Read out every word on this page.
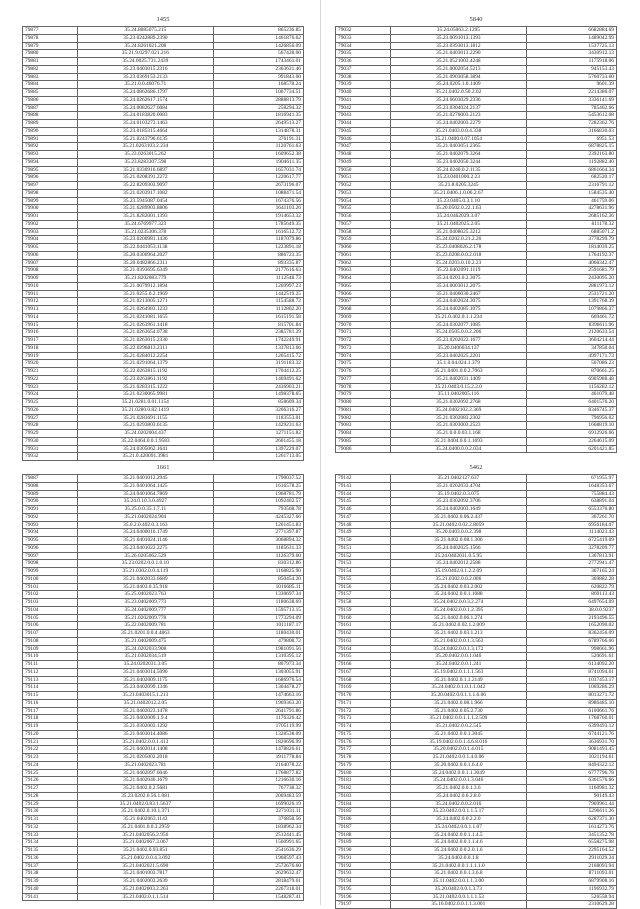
1455
79877	35.24.8085075.215	865236.85
79878	35.23.0242889.2390	1461876.62
79879	35.24.8261021.208	1426856.09
79880	35.21.9.0297.021.216	567428.00
79881	35.24.0025.731.2439	1743461.01
79882	35.23.0403015.2316	2363631.46
79883	35.23.0369153.2133	991843.00
79884	35.21.0.0.46076.71	168578.24
79885	35.24.0862686.1797	1067734.51
79886	35.24.0262617.1574	2888813.79
79887	35.24.0082627.6084	258294.32
79888	35.24.0183820.0083	1816941.35
79889	35.24.0103273.1463	2649513.27
79890	35.23.0185315.4664	1314878.31
79891	35.21.0243796.6135	376191.31
79892	35.21.0263103.2.234	1120761.63
79893	35.23.0263015.262	1609652.38
79894	35.23.8283307.598	1904611.35
79895	35.21.0330916.6897	1657031.74
79896	35.21.0208391.2272	1220617.77
79897	35.22.8209303.9097	2673196.07
79898	35.21.0203917.1082	1088471.54
79899	35.23.5945087.0454	1674376.56
79900	35.21.6289903.8806	1641103.26
79901	35.21.8282001.1393	1914653.32
79902	35.24.6769977.323	1785649.35
79903	35.21.0235306.378	1616512.72
79904	35.23.0200981.1436	1187079.86
79905	35.22.0441053.1138	1223891.18
79906	35.20.0300964.2027	886723.35
79907	35.20.0482866.2311	893335.87
79908	35.21.0393695.6349	2177616.63
79909	35.21.8202083.779	1112548.73
79910	35.21.0079912.1894	1269997.23
79911	35.21.0255.0.2.1969	1442519.25
79912	35.21.0213005.1271	1154588.72
79913	35.21.0264983.1233	1112802.20
79914	35.21.0241081.1655	1615191.58
79915	35.21.0263961.1418	815701.84
79916	35.21.0263654.0738	2385781.29
79917	35.21.0263015.2330	1742249.91
79918	35.22.0296813.2311	1337813.66
79919	35.21.0284012.2254	1265415.72
79920	35.21.0291064.1379	3191183.32
79921	35.22.0263815.1192	1704412.25
79922	35.23.0263861.1192	1469491.62
79923	35.21.0283315.1222	2436903.21
79924	35.21.0230065.9981	1498378.65
79925	35.21.0281.0.01.1154	858609.34
79926	35.21.0280.0.82.1419	3266316.27
79927	35.21.0283691.1155	1183553.01
79928	35.21.0293803.6135	1429231.63
79929	35.24.0202004.437	1271151.82
79930	35.22.0464.0.0.1.9583	2601455.18
79931	35.24.0305062.1641	1397229.07
79932	35.21.0.420091.3981	1261713.05
5840
79032	35.24.05063.2.1295	6682884.69
79033	35.23.0091013.1393	1489042.99
79034	35.23.0393013.1812	1537725.13
79035	35.21.0403013.2290	3430912.13
79036	35.21.0521003.4248	1175918.06
79037	35.21.0002054.5213	945153.43
79038	35.21.0903058.3894	5760733.60
79039	35.24.0205.1.0.1409	9601.39
79040	35.21.0402.0.50.2.02	2214380.07
79041	35.24.6603029.2336	3336141.69
79042	35.23.0304024.2137	785402.66
79043	35.21.0276003.2123	5453612.08
79044	35.24.0402003.2279	7282362.76
79045	35.21.0403.0.0.4.338	3166830.03
79046	35.21.0400.0.07.1054	6951.53
79047	35.21.0403051.2365	6878825.15
79048	35.21.0402079.3264	2392163.80
79049	35.23.0402050.3244	1192882.40
79050	35.24.0240.0.2.1135	6861664.34
79051	35.23.0401000.2.23	682520.17
79052	35.21.8.0205.3245	2316791.12
79053	35.21.0406.1.0.06.2.67	1584535.40
79054	35.23.0405.0.3.1.10	461759.06
79055	35.20.0502.0.22.1.63	4278631.96
79056	35.24.0462029.3.07	2685162.36
79057	35.21.0402025.2.05	811178.32
79058	35.21.0408025.3212	6885071.2
79059	35.24.0202.0.21.2.26	3778299.79
79060	35.23.0408026.2.178	1814039.25
79061	35.23.0208.0.0.2.018	1764192.37
79062	35.24.0203.0.10.2.23	4068342.47
79063	35.23.0402091.1119	2591681.79
79064	35.24.0203.0.2.3075	2430095.20
79065	35.24.0003012.2075	2881973.12
79066	35.21.0406030.2467	2531721.20
79067	35.24.0402024.3075	1391768.39
79068	35.24.0402085.1075	1079866.37
79069	35.21.0.402.0.1.1.234	669461.72
79070	35.24.0302077.1085	8396611.96
79071	35.24.0505.0.0.2.206	2120633.54
79072	35.23.0202022.1677	3604214.44
79073	35.20.0406034.137	347858.04
79074	35.23.0402025.2201	4997171.73
79075	35.1.0.04.024.1.379	507086.23
79076	35.21.0401.0.0.2.7063	870661.25
79077	35.21.0402031.1409	6905988.48
79078	35.21.0403.0.15.2.2.0	1156282.12
79079	35.11.0402005.116	461079.48
79080	35.21.0302092.2768	6401576.20
79081	35.24.0402102.2.369	8346745.37
79082	35.21.0302083.2302	796956.02
79083	35.21.0303003.2523	1668819.10
79084	35.21.0.0.0.03.1.168	6912926.66
79085	35.21.0404.0.0.1.1693	2264615.09
79086	35.24.0400.0.0.2.034	6201421.85
1661
79887	35.21.0401012.2945	1790037.52
79088	35.21.0401064.1425	1616578.25
79089	35.24.0401064.7869	1968781.79
79090	35.24.0.10.3.0.4927	1092402.57
79091	35.25.0.0.35.1.7.11	793568.78
79092	35.21.0402024.904	4245327.66
79093	35.0.2.0.402.0.3.163	1261451.83
79094	35.24.0400016.1749	2771397.87
79095	35.21.0401024.1146	3068894.32
79096	35.23.0401022.2275	1185631.33
79097	35.26.0205062.529	1126379.60
79098	35.23.0202.0.0.1.0.10	830312.86
79099	35.21.0302.0.0.4.119	1168825.90
79100	35.21.0402033.6689	850454.20
79101	35.21.0403.0.35.918	1016685.11
79102	35.25.0402023.763	1330697.34
79103	35.23.0402009.773	1180638.69
79104	35.24.0402009.777	1595713.15
79105	35.21.0202009.778	1773294.09
79106	35.22.0402009.781	1011187.17
79107	35.21.0201.0.0.4.4863	1180430.01
79108	35.21.0402009.475	479808.72
79109	35.24.0202033.908	1981091.56
79110	35.21.0302034.519	1310395.12
79111	35.24.0202031.3.05	807973.34
79112	35.21.0403014.5090	1303055.91
79113	35.21.0402009.1175	1686976.54
79114	35.23.0402099.1346	1304478.27
79115	35.21.0403015.1.213	1474663.16
79116	35.21.0402012.2.05	1969363.20
79117	35.21.0402023.1478	2641791.86
79118	35.21.0402009.1.9.4	1176326.42
79119	35.21.0302003.1292	1705119.99
79120	35.21.0403014.4086	1328538.09
79121	35.21.0402.0.0.1.413	1820696.99
79122	35.21.0402014.1408	1478826.61
79123	35.21.0205002.2018	1911778.84
79124	35.21.0402023.781	2164078.22
79125	35.21.0402097.6046	1768877.82
79126	35.21.0402046.1679	1216630.16
79127	35.21.0402.0.2.5681	767738.32
79128	35.23.0202.0.56.1.081	2069483.59
79129	35.21.0402.0.83.1.5637	1699026.19
79130	35.21.0402.0.10.1.371	2271031.11
79131	35.21.0402063.1143	376858.56
79132	35.21.0401.0.0.3.2959	1838962.34
79133	35.21.0402056.2.956	2512441.45
79134	35.21.0402067.3.067	1560991.65
79135	35.21.0402.0.93.851	2541636.29
79136	35.21.0402.0.0.4.3.092	1968597.43
79137	35.21.0402021.5.690	2572676.60
79138	35.21.0401003.7817	2629632.47
79139	35.21.0402003.2639	2818479.61
79140	35.21.0402003.2.263	2267318.01
79141	35.21.0402.0.1.1.514	1548287.41
5462
79142	35.21.0402127.637	671955.97
79143	35.21.0202033.4704	1648353.67
79144	35.19.0402.0.3.075	755884.43
79145	35.23.0302092.3706	638891.04
79146	35.24.0402003.1649	6553376.80
79147	35.21.0402.0.06.2.437	367261.70
79148	35.21.0402.0.02.2.8059	6956184.07
79149	35.20.0403.0.0.2.398	1114023.43
79150	35.21.0402.0.08.1.306	6725419.09
79151	35.24.0402025.1566	3278209.77
79152	35.24.0402031.0.5.95	1367813.91
79153	35.24.0402012.2588	2772941.47
79154	35.19.0402.0.1.2.2.09	367165.24
79155	35.21.0302.0.0.2.006	369882.28
79156	35.24.0402.0.03.2.002	620822.79
79157	35.24.0402.0.0.1.1088	869113.43
79158	35.24.0402.0.0.3.2.274	6497654.09
79159	35.24.0402.0.0.1.2.395	38.0.0.9237
79160	35.21.0402.0.06.1.274	2193496.55
79161	35.21.0402.0.02.1.2.009	1652090.02
79162	35.21.0402.0.03.1.213	8362456.09
79163	35.21.0402.0.0.1.3.563	6789766.66
79164	35.24.0402.0.0.1.3.172	998661.96
79165	35.20.0402.0.0.1.046	520691.61
79166	35.24.0402.0.0.1.241	6134092.20
79167	35.19.0402.0.1.1.1.563	8741094.61
79168	35.21.0402.0.1.1.2149	1037453.17
79169	35.24.0402.0.1.0.1.1.042	1069286.29
79170	35.20.0402.0.0.1.1.1.6.06	8013271.72
79171	35.21.0402.0.08.1.966	8986485.10
79172	35.21.0402.0.05.2.730	6100661.76
79173	35.21.0402.0.0.1.1.1.2.509	1768760.01
79174	35.21.0402.0.0.2.545	6399493.12
79175	35.21.0402.0.0.1.3045	6744121.76
79176	35.19.0402.0.0.1.4.6.8.016	3636931.70
79177	35.20.0402.0.0.1.4.015	9081493.45
79178	35.21.0402.0.0.1.4.0.06	1021194.61
79179	35.20.0402.0.0.1.6.4.0	8494322.12
79180	35.24.0402.0.0.1.1.3049	6777796.78
79181	35.24.0402.0.0.1.3.046	6361576.66
79182	35.21.0402.0.0.1.3.6	1160981.32
79183	35.24.0402.0.0.2.8.0	90149.43
79184	35.24.0402.0.0.2.016	7969961.44
79185	35.23.0402.0.0.1.1.5.17	5296611.26
79186	35.24.0402.0.0.2.2.0	6287371.30
79187	35.24.0402.0.0.1.1.07	1614273.76
79188	35.24.0402.0.0.1.1.4.5	3451352.78
79189	35.24.0402.0.0.1.1.4.6	6558275.98
79190	35.24.0402.0.0.2.0.1.6	2295164.52
79191	35.24.0402.0.0.1.8	2911029.34
79192	35.21.0402.0.0.1.1.1.1.0	2168093.94
79193	35.21.0402.0.0.1.3.6.8	8711093.01
79194	35.11.0402.0.0.1.1.3.00	6879908.16
79195	35.20.0402.0.0.1.3.73	1196932.79
79196	35.21.0402.0.0.1.1.1.53	526558.94
79197	35.16.0402.0.0.1.1.3.001	2310629.28
